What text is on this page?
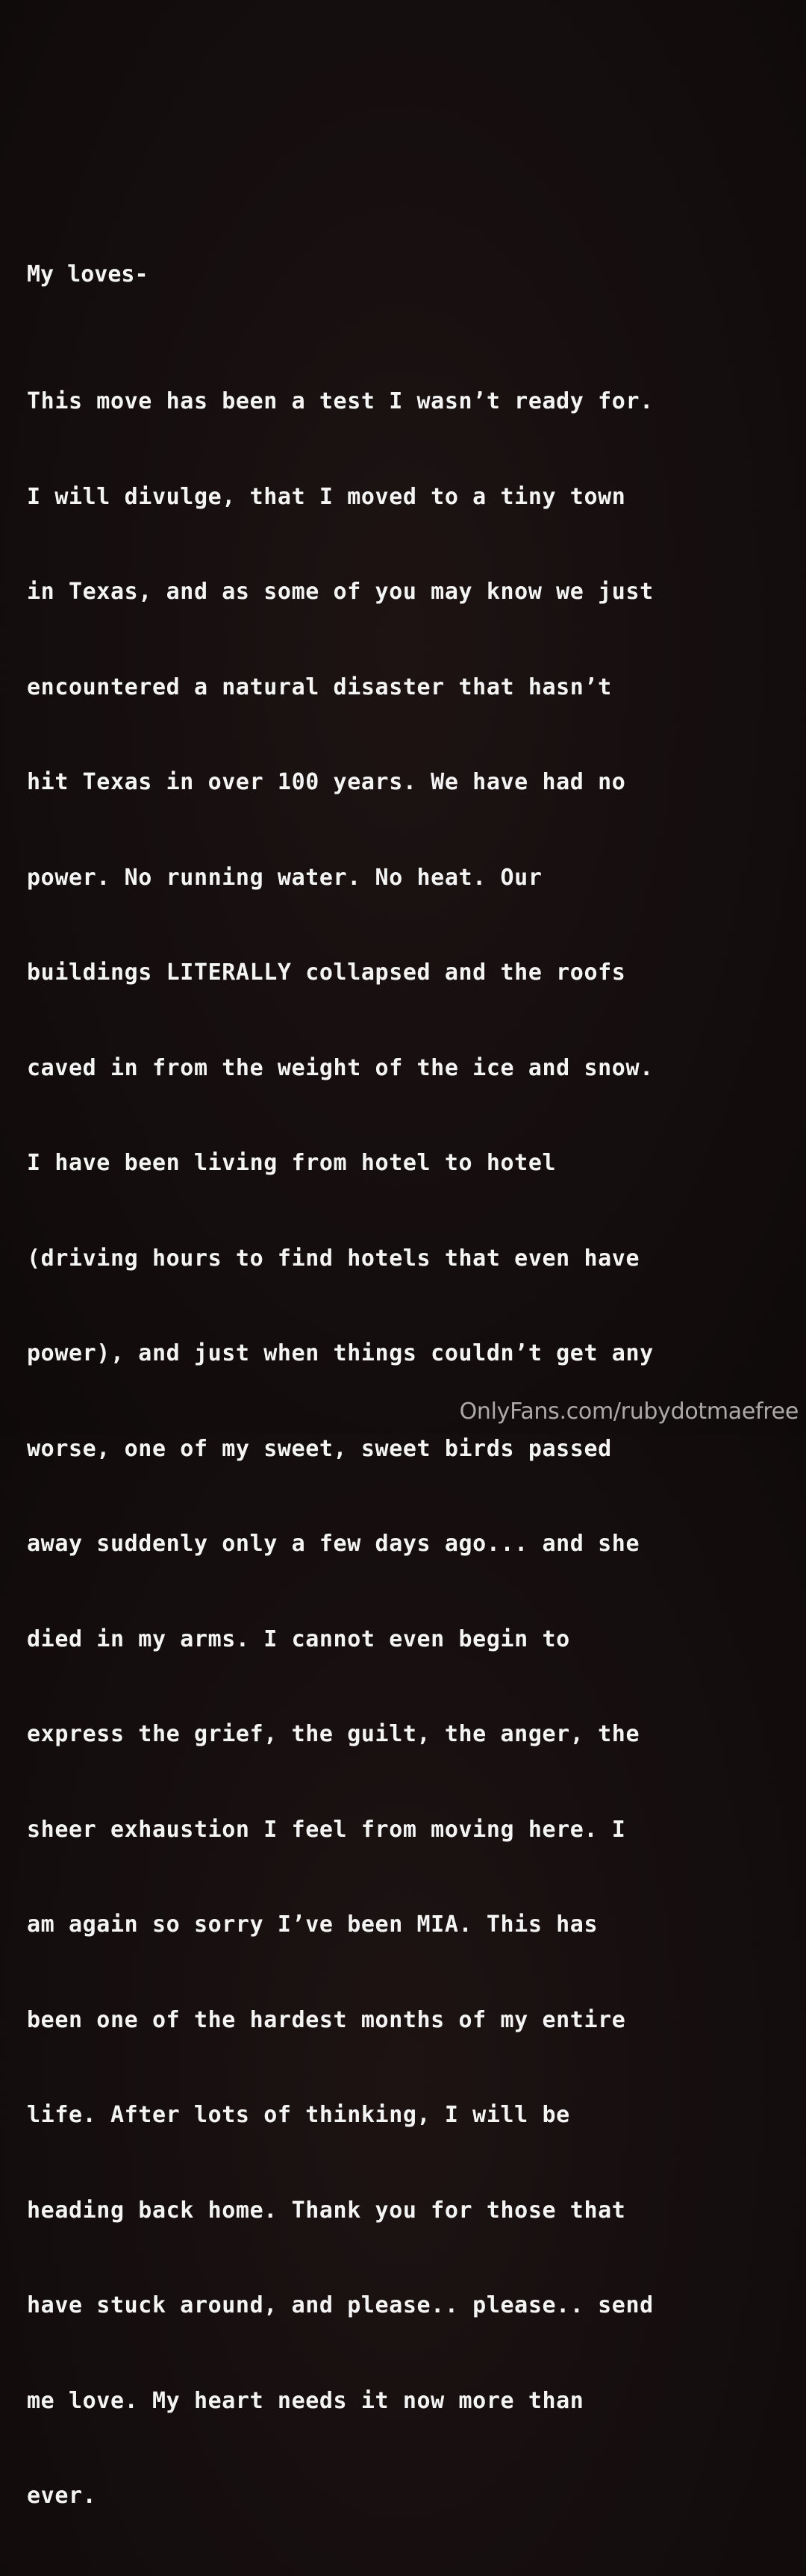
My loves-

This move has been a test I wasn’t ready for.

I will divulge, that I moved to a tiny town

in Texas, and as some of you may know we just

encountered a natural disaster that hasn’t

hit Texas in over 100 years. We have had no

power. No running water. No heat. Our

buildings LITERALLY collapsed and the roofs

caved in from the weight of the ice and snow.

I have been living from hotel to hotel

(driving hours to find hotels that even have

power), and just when things couldn’t get any

worse, one of my sweet, sweet birds passed

away suddenly only a few days ago... and she

died in my arms. I cannot even begin to

express the grief, the guilt, the anger, the

sheer exhaustion I feel from moving here. I

am again so sorry I’ve been MIA. This has

been one of the hardest months of my entire

life. After lots of thinking, I will be

heading back home. Thank you for those that

have stuck around, and please.. please.. send

me love. My heart needs it now more than

ever.

OnlyFans.com/rubydotmaefree
